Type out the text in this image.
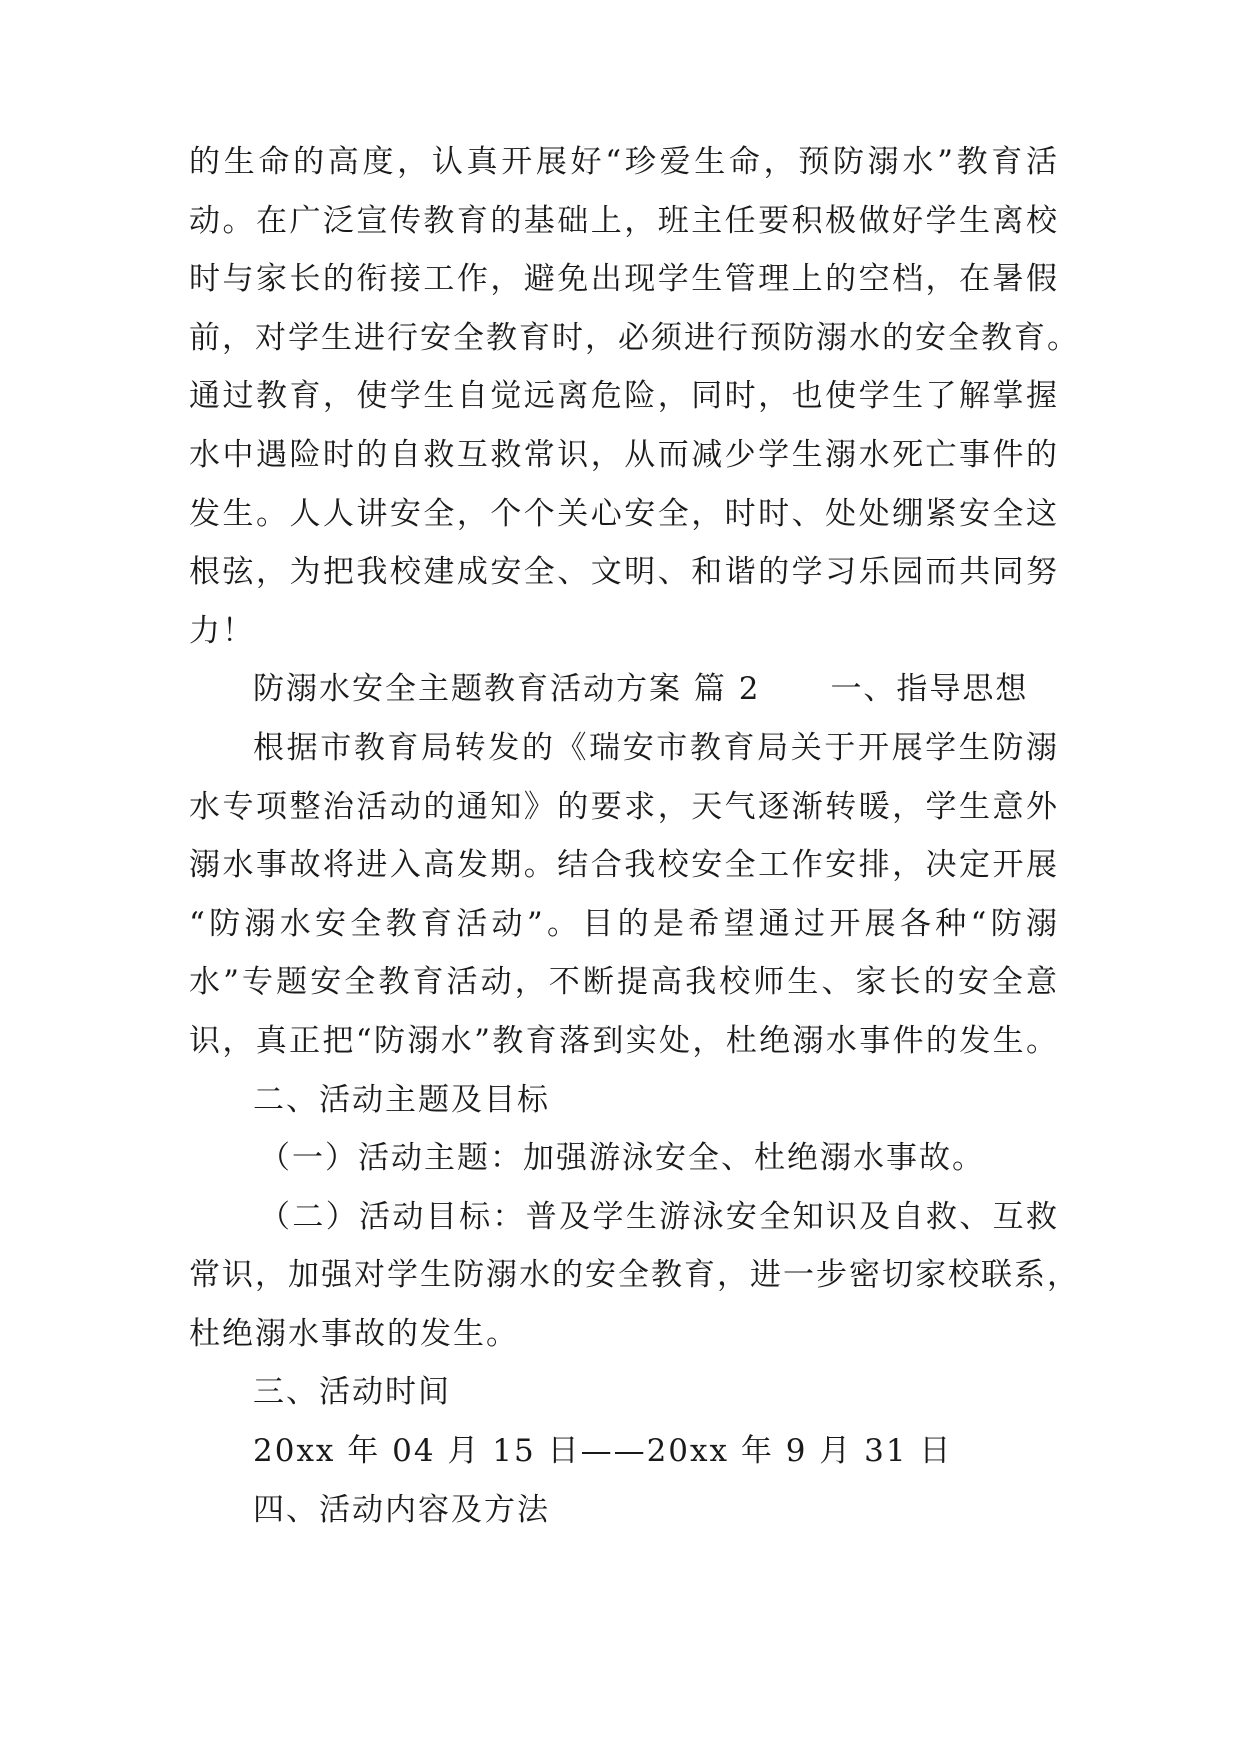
的生命的高度，认真开展好“珍爱生命，预防溺水”教育活
动。在广泛宣传教育的基础上，班主任要积极做好学生离校
时与家长的衔接工作，避免出现学生管理上的空档，在暑假
前，对学生进行安全教育时，必须进行预防溺水的安全教育。
通过教育，使学生自觉远离危险，同时，也使学生了解掌握
水中遇险时的自救互救常识，从而减少学生溺水死亡事件的
发生。人人讲安全，个个关心安全，时时、处处绷紧安全这
根弦，为把我校建成安全、文明、和谐的学习乐园而共同努
力！
防溺水安全主题教育活动方案 篇 2 一、指导思想
根据市教育局转发的《瑞安市教育局关于开展学生防溺
水专项整治活动的通知》的要求，天气逐渐转暖，学生意外
溺水事故将进入高发期。结合我校安全工作安排，决定开展
“防溺水安全教育活动”。目的是希望通过开展各种“防溺
水”专题安全教育活动，不断提高我校师生、家长的安全意
识，真正把“防溺水”教育落到实处，杜绝溺水事件的发生。
二、活动主题及目标
（一）活动主题：加强游泳安全、杜绝溺水事故。
（二）活动目标：普及学生游泳安全知识及自救、互救
常识，加强对学生防溺水的安全教育，进一步密切家校联系，
杜绝溺水事故的发生。
三、活动时间
20xx 年 04 月 15 日——20xx 年 9 月 31 日
四、活动内容及方法
